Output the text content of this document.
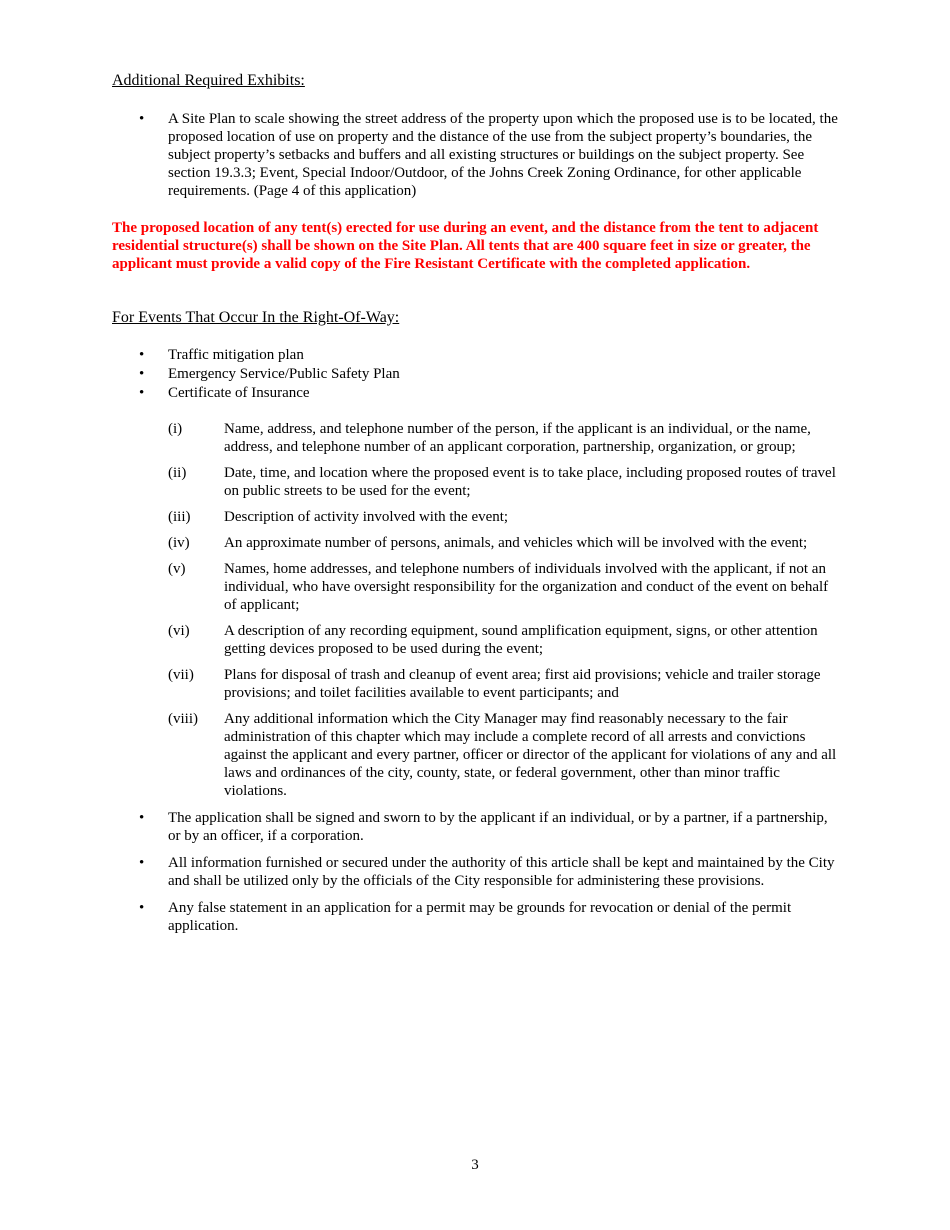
Additional Required Exhibits:

• A Site Plan to scale showing the street address of the property upon which the proposed use is to be located, the proposed location of use on property and the distance of the use from the subject property’s boundaries, the subject property’s setbacks and buffers and all existing structures or buildings on the subject property. See section 19.3.3; Event, Special Indoor/Outdoor, of the Johns Creek Zoning Ordinance, for other applicable requirements. (Page 4 of this application)

The proposed location of any tent(s) erected for use during an event, and the distance from the tent to adjacent residential structure(s) shall be shown on the Site Plan. All tents that are 400 square feet in size or greater, the applicant must provide a valid copy of the Fire Resistant Certificate with the completed application.

For Events That Occur In the Right-Of-Way:

• Traffic mitigation plan
• Emergency Service/Public Safety Plan
• Certificate of Insurance
(i)	Name, address, and telephone number of the person, if the applicant is an individual, or the name, address, and telephone number of an applicant corporation, partnership, organization, or group;
(ii)	Date, time, and location where the proposed event is to take place, including proposed routes of travel on public streets to be used for the event;
(iii) Description of activity involved with the event;
(iv) An approximate number of persons, animals, and vehicles which will be involved with the event;
(v)	Names, home addresses, and telephone numbers of individuals involved with the applicant, if not an individual, who have oversight responsibility for the organization and conduct of the event on behalf of applicant;
(vi) A description of any recording equipment, sound amplification equipment, signs, or other attention getting devices proposed to be used during the event;
(vii) Plans for disposal of trash and cleanup of event area; first aid provisions; vehicle and trailer storage provisions; and toilet facilities available to event participants; and
(viii) Any additional information which the City Manager may find reasonably necessary to the fair administration of this chapter which may include a complete record of all arrests and convictions against the applicant and every partner, officer or director of the applicant for violations of any and all laws and ordinances of the city, county, state, or federal government, other than minor traffic violations.
• The application shall be signed and sworn to by the applicant if an individual, or by a partner, if a partnership, or by an officer, if a corporation.
• All information furnished or secured under the authority of this article shall be kept and maintained by the City and shall be utilized only by the officials of the City responsible for administering these provisions.
• Any false statement in an application for a permit may be grounds for revocation or denial of the permit application.
3
